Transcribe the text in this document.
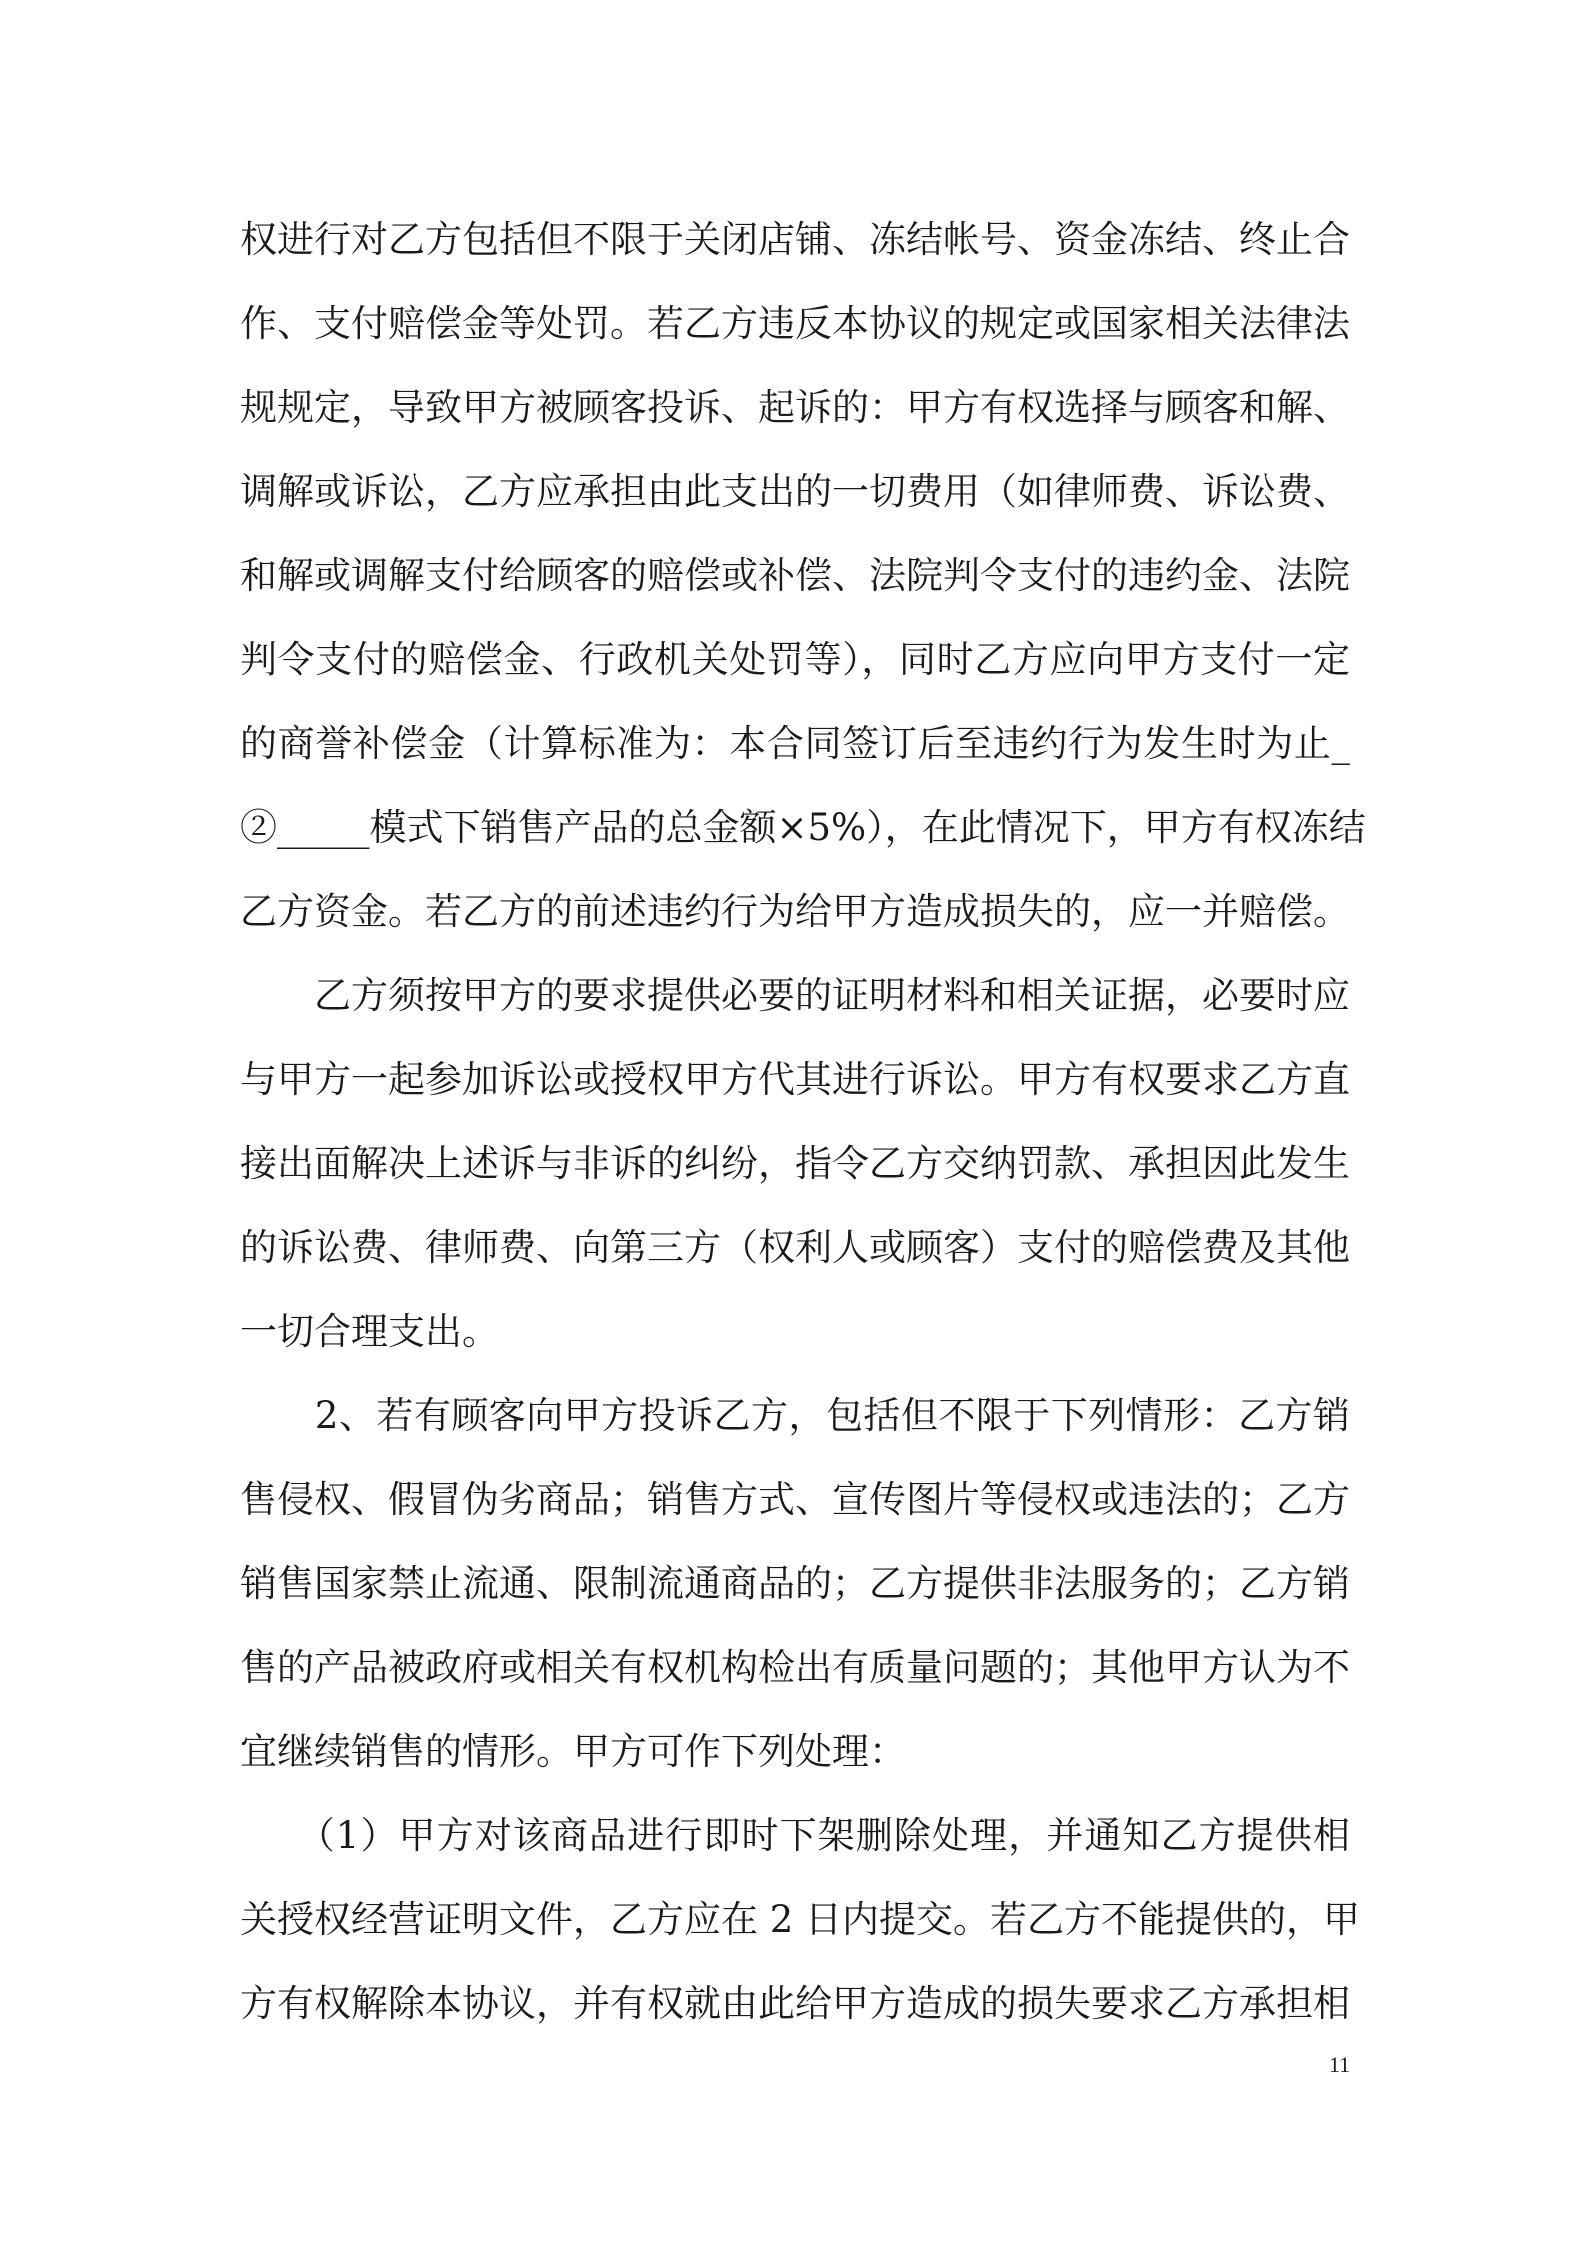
权进行对乙方包括但不限于关闭店铺、冻结帐号、资金冻结、终止合
作、支付赔偿金等处罚。若乙方违反本协议的规定或国家相关法律法
规规定，导致甲方被顾客投诉、起诉的：甲方有权选择与顾客和解、
调解或诉讼，乙方应承担由此支出的一切费用（如律师费、诉讼费、
和解或调解支付给顾客的赔偿或补偿、法院判令支付的违约金、法院
判令支付的赔偿金、行政机关处罚等），同时乙方应向甲方支付一定
的商誉补偿金（计算标准为：本合同签订后至违约行为发生时为止_
②_____模式下销售产品的总金额×5%），在此情况下，甲方有权冻结
乙方资金。若乙方的前述违约行为给甲方造成损失的，应一并赔偿。
　　乙方须按甲方的要求提供必要的证明材料和相关证据，必要时应
与甲方一起参加诉讼或授权甲方代其进行诉讼。甲方有权要求乙方直
接出面解决上述诉与非诉的纠纷，指令乙方交纳罚款、承担因此发生
的诉讼费、律师费、向第三方（权利人或顾客）支付的赔偿费及其他
一切合理支出。
　　2、若有顾客向甲方投诉乙方，包括但不限于下列情形：乙方销
售侵权、假冒伪劣商品；销售方式、宣传图片等侵权或违法的；乙方
销售国家禁止流通、限制流通商品的；乙方提供非法服务的；乙方销
售的产品被政府或相关有权机构检出有质量问题的；其他甲方认为不
宜继续销售的情形。甲方可作下列处理：
　　（1）甲方对该商品进行即时下架删除处理，并通知乙方提供相
关授权经营证明文件，乙方应在 2 日内提交。若乙方不能提供的，甲
方有权解除本协议，并有权就由此给甲方造成的损失要求乙方承担相
11
